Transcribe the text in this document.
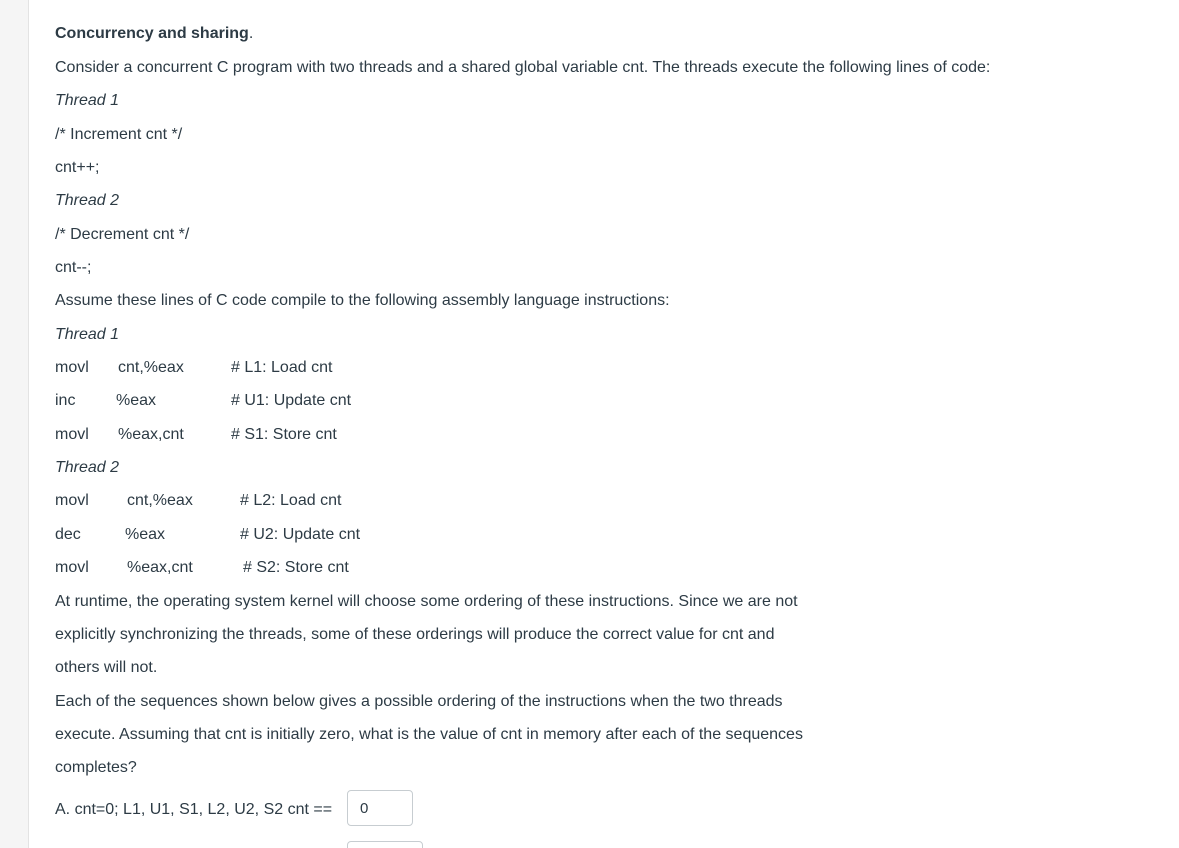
Concurrency and sharing.
Consider a concurrent C program with two threads and a shared global variable cnt. The threads execute the following lines of code:
Thread 1
/* Increment cnt */
cnt++;
Thread 2
/* Decrement cnt */
cnt--;
Assume these lines of C code compile to the following assembly language instructions:
Thread 1
movl cnt,%eax	# L1: Load cnt
inc	%eax	# U1: Update cnt
movl %eax,cnt	# S1: Store cnt
Thread 2
movl cnt,%eax	# L2: Load cnt
dec	%eax	# U2: Update cnt
movl %eax,cnt	# S2: Store cnt
At runtime, the operating system kernel will choose some ordering of these instructions. Since we are not
explicitly synchronizing the threads, some of these orderings will produce the correct value for cnt and
others will not.
Each of the sequences shown below gives a possible ordering of the instructions when the two threads
execute. Assuming that cnt is initially zero, what is the value of cnt in memory after each of the sequences
completes?
A. cnt=0; L1, U1, S1, L2, U2, S2 cnt ==
0
